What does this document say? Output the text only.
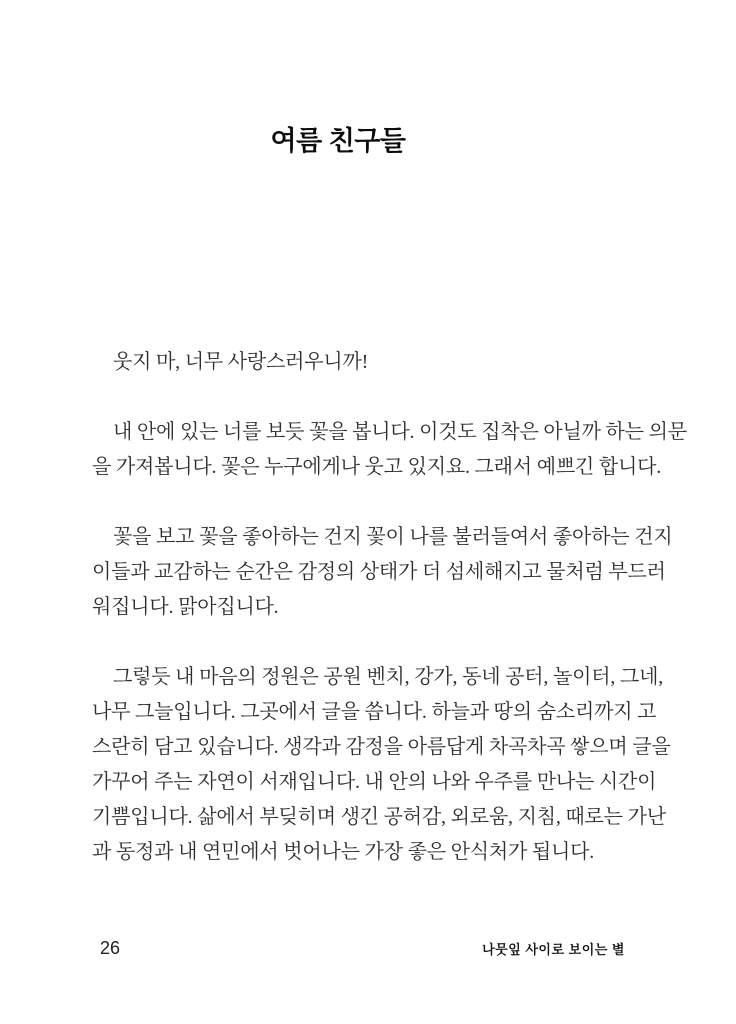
여름 친구들
웃지 마, 너무 사랑스러우니까!
내 안에 있는 너를 보듯 꽃을 봅니다. 이것도 집착은 아닐까 하는 의문
을 가져봅니다. 꽃은 누구에게나 웃고 있지요. 그래서 예쁘긴 합니다.
꽃을 보고 꽃을 좋아하는 건지 꽃이 나를 불러들여서 좋아하는 건지
이들과 교감하는 순간은 감정의 상태가 더 섬세해지고 물처럼 부드러
워집니다. 맑아집니다.
그렇듯 내 마음의 정원은 공원 벤치, 강가, 동네 공터, 놀이터, 그네,
나무 그늘입니다. 그곳에서 글을 씁니다. 하늘과 땅의 숨소리까지 고
스란히 담고 있습니다. 생각과 감정을 아름답게 차곡차곡 쌓으며 글을
가꾸어 주는 자연이 서재입니다. 내 안의 나와 우주를 만나는 시간이
기쁨입니다. 삶에서 부딪히며 생긴 공허감, 외로움, 지침, 때로는 가난
과 동정과 내 연민에서 벗어나는 가장 좋은 안식처가 됩니다.
26	나뭇잎 사이로 보이는 별
